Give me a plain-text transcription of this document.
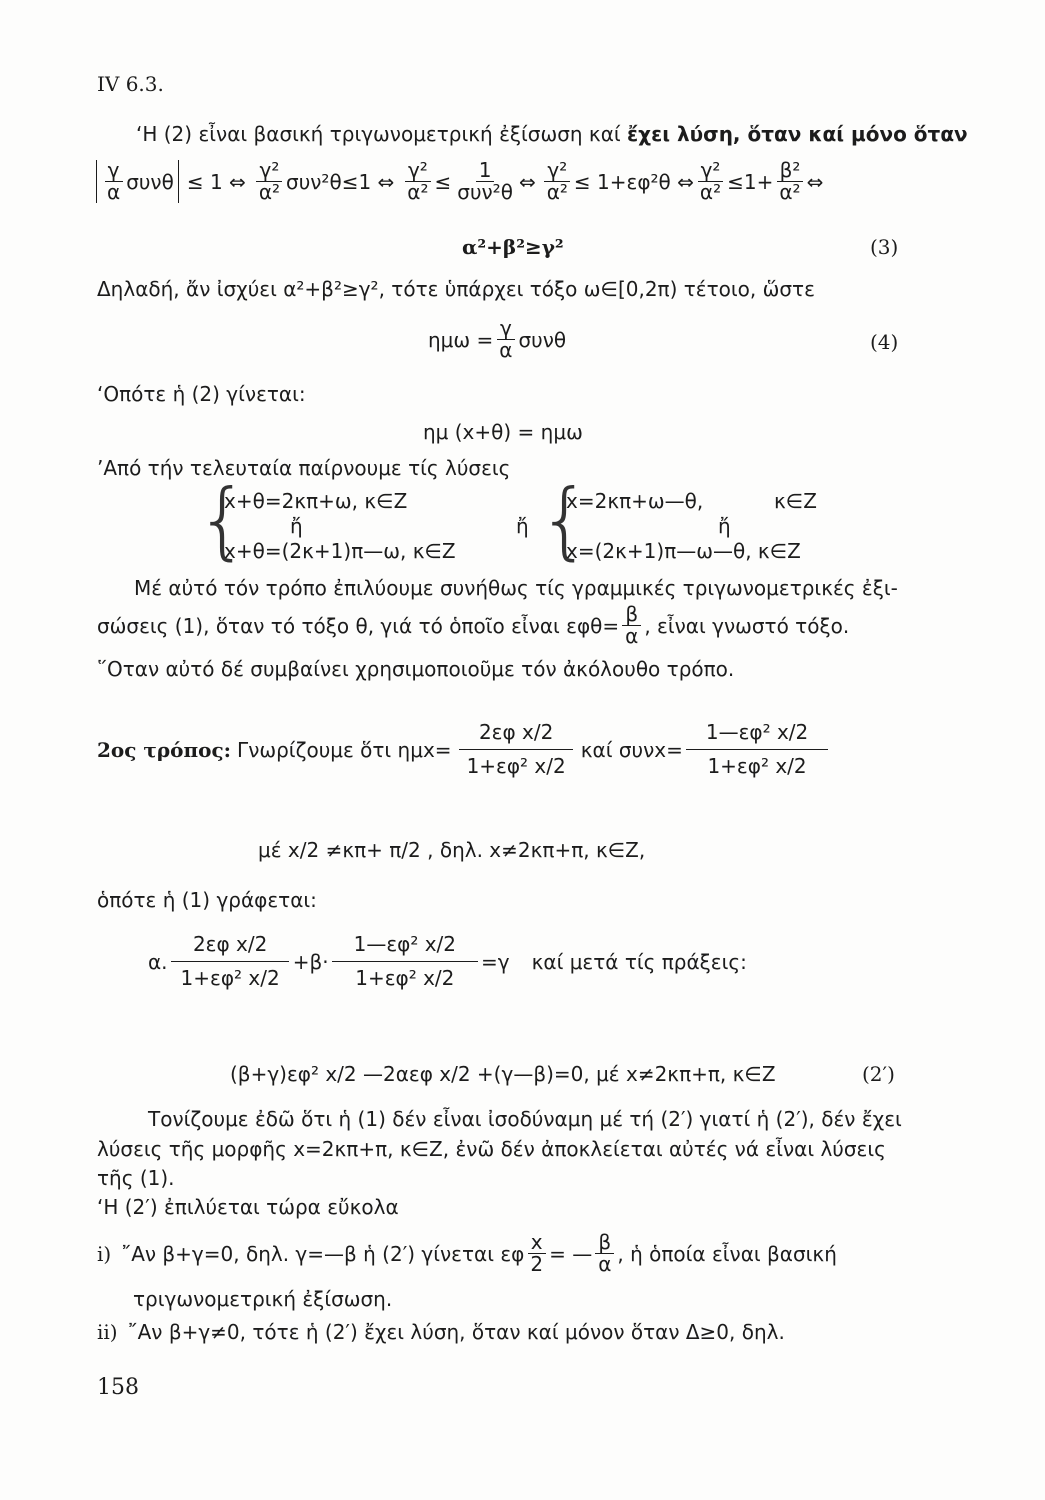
IV 6.3.
‘Η (2) εἶναι βασική τριγωνομετρική ἐξίσωση καί ἔχει λύση, ὅταν καί μόνο ὅταν
$\frac{\gamma}{\alpha}$ συνθ ≤ 1 ⇔ $\frac{\text{γ²}}{\text{α²}} \sigma\upsilon\nu^2\theta\le 1$ ⇔ $\frac{\text{γ²}}{\text{α²}} \le \frac{1}{\text{συν²θ}}$ ⇔ $\frac{\text{γ²}}{\text{α²}} \le 1+\varepsilon\varphi^2\theta$ ⇔ $\frac{\text{γ²}}{\text{α²}} \le 1+ \frac{\text{β²}}{\text{α²}}$ ⇔
α²+β²≥γ²	(3)
Δηλαδή, ἄν ἰσχύει α²+β²≥γ², τότε ὑπάρχει τόξο ω∈[0,2π) τέτοιο, ὥστε
$\eta\mu\omega = \frac{\gamma}{\alpha}$ συνθ	(4)
‘Οπότε ἡ (2) γίνεται:
ημ (x+θ) = ημω
’Από τήν τελευταία παίρνουμε τίς λύσεις
{
x+θ=2κπ+ω, κ∈Z
ἤ
x+θ=(2κ+1)π—ω, κ∈Z
ἤ {
x=2κπ+ω—θ,	κ∈Z
ἤ
x=(2κ+1)π—ω—θ, κ∈Z
Μέ αὐτό τόν τρόπο ἐπιλύουμε συνήθως τίς γραμμικές τριγωνομετρικές ἐξι-
σώσεις (1), ὅταν τό τόξο θ, γιά τό ὁποῖο εἶναι $\varepsilon\varphi\theta= \frac{\beta}{\alpha}$ , εἶναι γνωστό τόξο.
῞Οταν αὐτό δέ συμβαίνει χρησιμοποιοῦμε τόν ἀκόλουθο τρόπο.
2ος τρόπος: Γνωρίζουμε ὅτι $\eta\mu x= \frac{\text{2εφ x/2}}{\text{1+εφ² x/2}}$ καί $\sigma\upsilon\nu x= \frac{\text{1—εφ² x/2}}{\text{1+εφ² x/2}}$
μέ x/2 ≠κπ+ π/2 , δηλ. x≠2κπ+π, κ∈Z,
ὁπότε ἡ (1) γράφεται:
α. $\frac{\text{2εφ x/2}}{\text{1+εφ² x/2}} +\beta\cdot \frac{\text{1—εφ² x/2}}{\text{1+εφ² x/2}} =\gamma$ καί μετά τίς πράξεις:
(β+γ)εφ² x/2 —2αεφ x/2 +(γ—β)=0, μέ x≠2κπ+π, κ∈Z	(2′)
Τονίζουμε ἐδῶ ὅτι ἡ (1) δέν εἶναι ἰσοδύναμη μέ τή (2′) γιατί ἡ (2′), δέν ἔχει
λύσεις τῆς μορφῆς x=2κπ+π, κ∈Z, ἐνῶ δέν ἀποκλείεται αὐτές νά εἶναι λύσεις
τῆς (1).
‘Η (2′) ἐπιλύεται τώρα εὔκολα
i) ῎Αν β+γ=0, δηλ. γ=—β ἡ (2′) γίνεται εφ $\frac{x}{2}$ = — $\frac{\beta}{\alpha}$ , ἡ ὁποία εἶναι βασική
τριγωνομετρική ἐξίσωση.
ii) ῎Αν β+γ≠0, τότε ἡ (2′) ἔχει λύση, ὅταν καί μόνον ὅταν Δ≥0, δηλ.
158
